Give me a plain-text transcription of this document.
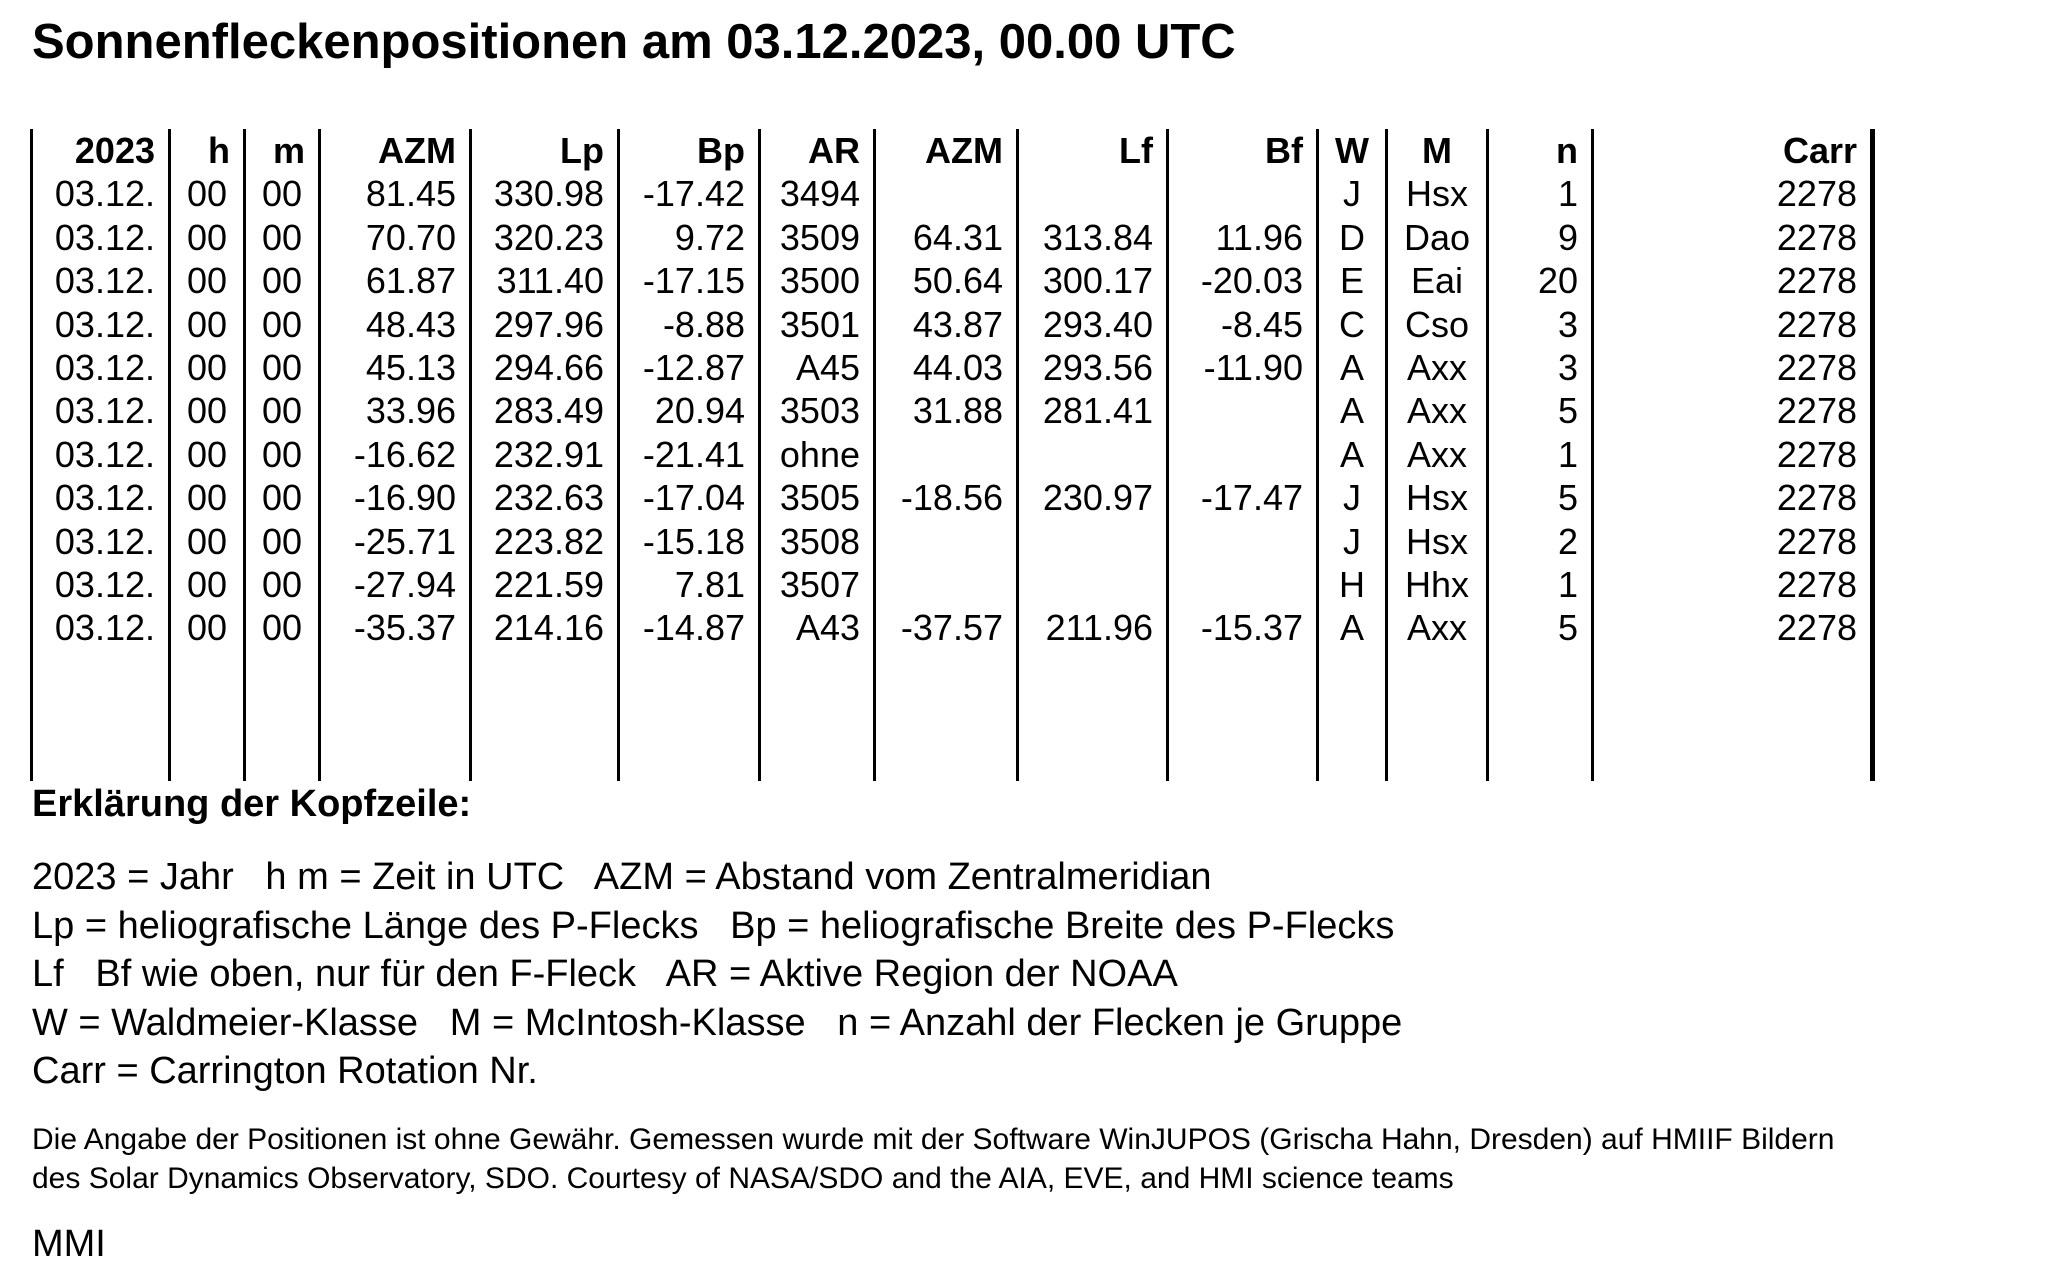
Sonnenfleckenpositionen am 03.12.2023, 00.00 UTC
2023	h	m	AZM	Lp	Bp	AR	AZM	Lf	Bf	W	M	n	Carr
03.12.	00	00	81.45	330.98	-17.42	3494				J	Hsx	1	2278
03.12.	00	00	70.70	320.23	9.72	3509	64.31	313.84	11.96	D	Dao	9	2278
03.12.	00	00	61.87	311.40	-17.15	3500	50.64	300.17	-20.03	E	Eai	20	2278
03.12.	00	00	48.43	297.96	-8.88	3501	43.87	293.40	-8.45	C	Cso	3	2278
03.12.	00	00	45.13	294.66	-12.87	A45	44.03	293.56	-11.90	A	Axx	3	2278
03.12.	00	00	33.96	283.49	20.94	3503	31.88	281.41		A	Axx	5	2278
03.12.	00	00	-16.62	232.91	-21.41	ohne				A	Axx	1	2278
03.12.	00	00	-16.90	232.63	-17.04	3505	-18.56	230.97	-17.47	J	Hsx	5	2278
03.12.	00	00	-25.71	223.82	-15.18	3508				J	Hsx	2	2278
03.12.	00	00	-27.94	221.59	7.81	3507				H	Hhx	1	2278
03.12.	00	00	-35.37	214.16	-14.87	A43	-37.57	211.96	-15.37	A	Axx	5	2278

Erklärung der Kopfzeile:
2023 = Jahr   h m = Zeit in UTC   AZM = Abstand vom Zentralmeridian
Lp = heliografische Länge des P-Flecks   Bp = heliografische Breite des P-Flecks
Lf   Bf wie oben, nur für den F-Fleck   AR = Aktive Region der NOAA
W = Waldmeier-Klasse   M = McIntosh-Klasse   n = Anzahl der Flecken je Gruppe
Carr = Carrington Rotation Nr.
Die Angabe der Positionen ist ohne Gewähr. Gemessen wurde mit der Software WinJUPOS (Grischa Hahn, Dresden) auf HMIIF Bildern
des Solar Dynamics Observatory, SDO. Courtesy of NASA/SDO and the AIA, EVE, and HMI science teams
MMI
